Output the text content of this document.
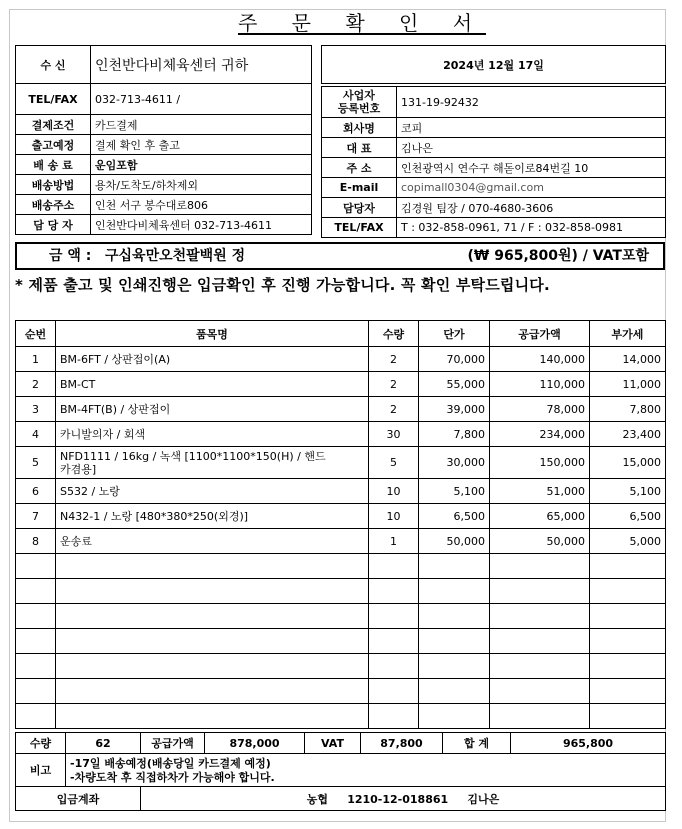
주 문 확 인 서
수 신	인천반다비체육센터 귀하
TEL/FAX	032-713-4611 /
결제조건	카드결제
출고예정	결제 확인 후 출고
배 송 료	운임포함
배송방법	용차/도착도/하차제외
배송주소	인천 서구 봉수대로806
담 당 자	인천반다비체육센터 032-713-4611
2024년 12월 17일	

사업자
등록번호	131-19-92432
회사명	코피
대 표	김나은
주 소	인천광역시 연수구 해돋이로84번길 10
E-mail	copimall0304@gmail.com
담당자	김경원 팀장 / 070-4680-3606
TEL/FAX	T : 032-858-0961, 71 / F : 032-858-0981
금 액 : 구십육만오천팔백원 정	(₩ 965,800원) / VAT포함
* 제품 출고 및 인쇄진행은 입금확인 후 진행 가능합니다. 꼭 확인 부탁드립니다.
순번	품목명	수량	단가	공급가액	부가세
1	BM-6FT / 상판접이(A)	2	70,000	140,000	14,000
2	BM-CT	2	55,000	110,000	11,000
3	BM-4FT(B) / 상판접이	2	39,000	78,000	7,800
4	카니발의자 / 회색	30	7,800	234,000	23,400
5	NFD1111 / 16kg / 녹색 [1100*1100*150(H) / 핸드
카겸용]	5	30,000	150,000	15,000
6	S532 / 노랑	10	5,100	51,000	5,100
7	N432-1 / 노랑 [480*380*250(외경)]	10	6,500	65,000	6,500
8	운송료	1	50,000	50,000	5,000

수량	62	공급가액	878,000	VAT	87,800	합 계	965,800
비고	-17일 배송예정(배송당일 카드결제 예정)
-차량도착 후 직접하차가 가능해야 합니다.						

입금계좌		농협     1210-12-018861     김나은					
